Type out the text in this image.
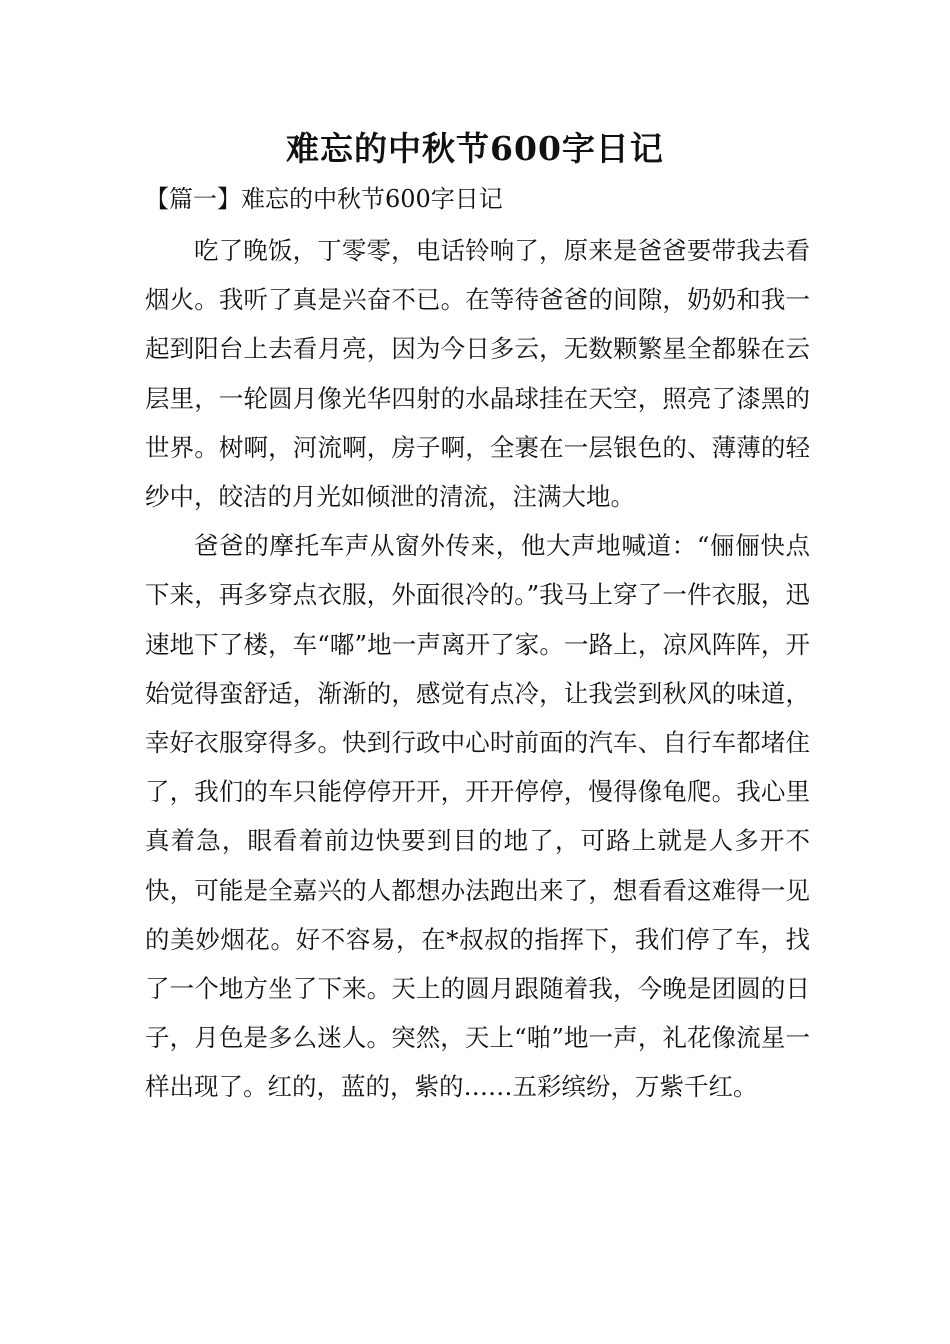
难忘的中秋节600字日记

【篇一】难忘的中秋节600字日记

吃了晚饭，丁零零，电话铃响了，原来是爸爸要带我去看烟火。我听了真是兴奋不已。在等待爸爸的间隙，奶奶和我一起到阳台上去看月亮，因为今日多云，无数颗繁星全都躲在云层里，一轮圆月像光华四射的水晶球挂在天空，照亮了漆黑的世界。树啊，河流啊，房子啊，全裹在一层银色的、薄薄的轻纱中，皎洁的月光如倾泄的清流，注满大地。

爸爸的摩托车声从窗外传来，他大声地喊道：“俪俪快点下来，再多穿点衣服，外面很冷的。”我马上穿了一件衣服，迅速地下了楼，车“嘟”地一声离开了家。一路上，凉风阵阵，开始觉得蛮舒适，渐渐的，感觉有点冷，让我尝到秋风的味道，幸好衣服穿得多。快到行政中心时前面的汽车、自行车都堵住了，我们的车只能停停开开，开开停停，慢得像龟爬。我心里真着急，眼看着前边快要到目的地了，可路上就是人多开不快，可能是全嘉兴的人都想办法跑出来了，想看看这难得一见的美妙烟花。好不容易，在*叔叔的指挥下，我们停了车，找了一个地方坐了下来。天上的圆月跟随着我，今晚是团圆的日子，月色是多么迷人。突然，天上“啪”地一声，礼花像流星一样出现了。红的，蓝的，紫的……五彩缤纷，万紫千红。
